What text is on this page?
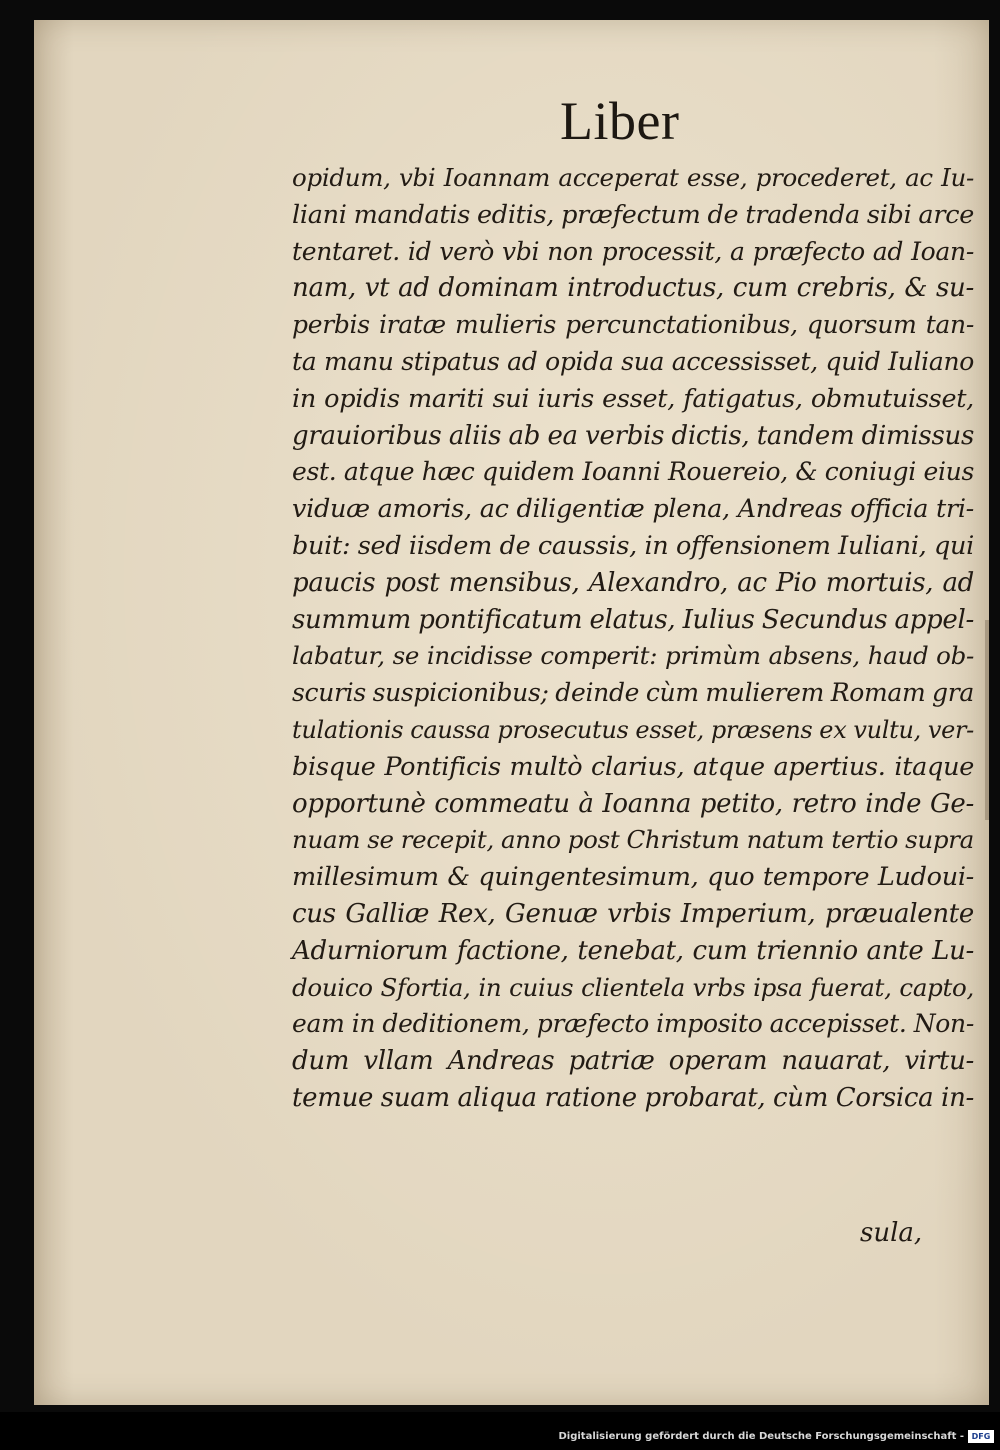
Liber
opidum, vbi Ioannam acceperat esse, procederet, ac Iu-
liani mandatis editis, præfectum de tradenda sibi arce
tentaret. id verò vbi non processit, a præfecto ad Ioan-
nam, vt ad dominam introductus, cum crebris, & su-
perbis iratæ mulieris percunctationibus, quorsum tan-
ta manu stipatus ad opida sua accessisset, quid Iuliano
in opidis mariti sui iuris esset, fatigatus, obmutuisset,
grauioribus aliis ab ea verbis dictis, tandem dimissus
est. atque hæc quidem Ioanni Rouereio, & coniugi eius
viduæ amoris, ac diligentiæ plena, Andreas officia tri-
buit: sed iisdem de caussis, in offensionem Iuliani, qui
paucis post mensibus, Alexandro, ac Pio mortuis, ad
summum pontificatum elatus, Iulius Secundus appel-
labatur, se incidisse comperit: primùm absens, haud ob-
scuris suspicionibus; deinde cùm mulierem Romam gra
tulationis caussa prosecutus esset, præsens ex vultu, ver-
bisque Pontificis multò clarius, atque apertius. itaque
opportunè commeatu à Ioanna petito, retro inde Ge-
nuam se recepit, anno post Christum natum tertio supra
millesimum & quingentesimum, quo tempore Ludoui-
cus Galliæ Rex, Genuæ vrbis Imperium, præualente
Adurniorum factione, tenebat, cum triennio ante Lu-
douico Sfortia, in cuius clientela vrbs ipsa fuerat, capto,
eam in deditionem, præfecto imposito accepisset. Non-
dum vllam Andreas patriæ operam nauarat, virtu-
temue suam aliqua ratione probarat, cùm Corsica in-
sula,
Digitalisierung gefördert durch die Deutsche Forschungsgemeinschaft - DFG
